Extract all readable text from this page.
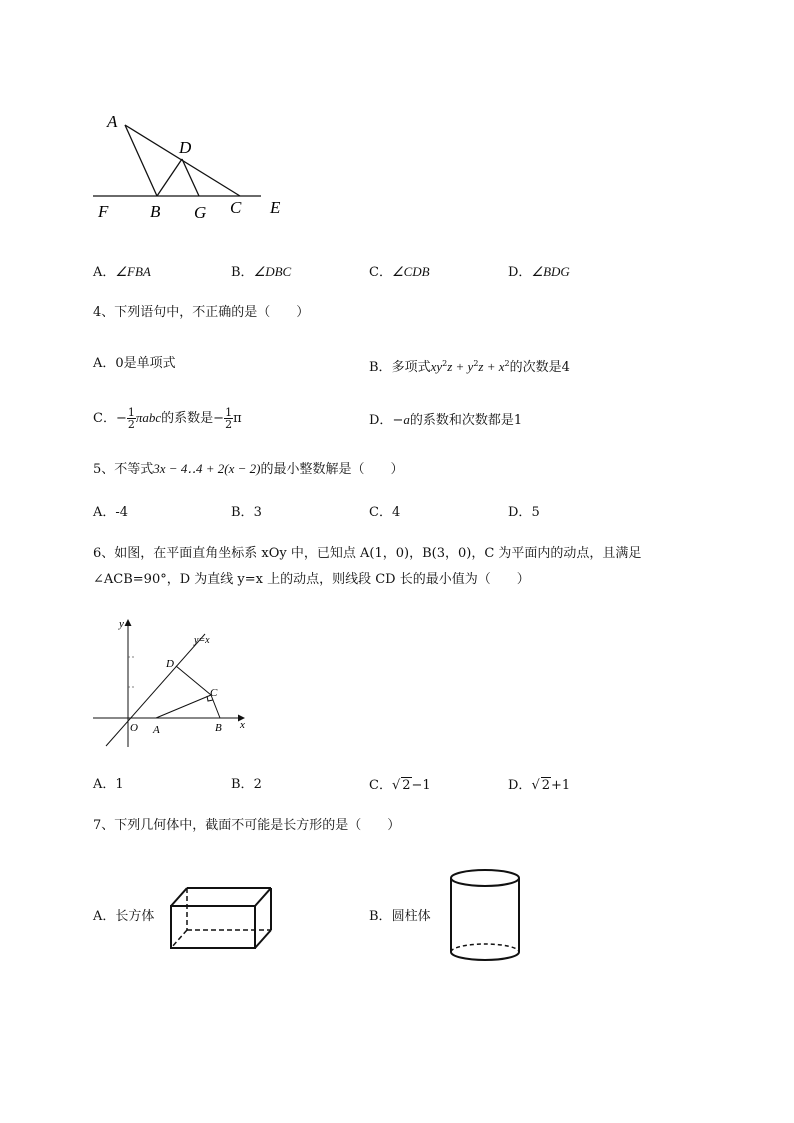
A
D
F B G C E
A．∠FBA	B．∠DBC	C．∠CDB	D．∠BDG
4、下列语句中，不正确的是（　　）
A．0是单项式	B．多项式$xy^2z + y^2z + x^2$的次数是4
C．− $\frac{1}{2}$ πabc的系数是− $\frac{1}{2}$ π	D．−a的系数和次数都是1
5、不等式3x − 4‥4 + 2(x − 2)的最小整数解是（　　）
A．-4	B．3	C．4	D．5
6、如图，在平面直角坐标系 xOy 中，已知点 A(1，0)，B(3，0)，C 为平面内的动点，且满足
∠ACB=90°，D 为直线 y=x 上的动点，则线段 CD 长的最小值为（　　）
y
y=x
D
C
O A	B x
A．1	B．2	C．√ 2−1	D．√ 2+1
7、下列几何体中，截面不可能是长方形的是（　　）
A．长方体	B．圆柱体
